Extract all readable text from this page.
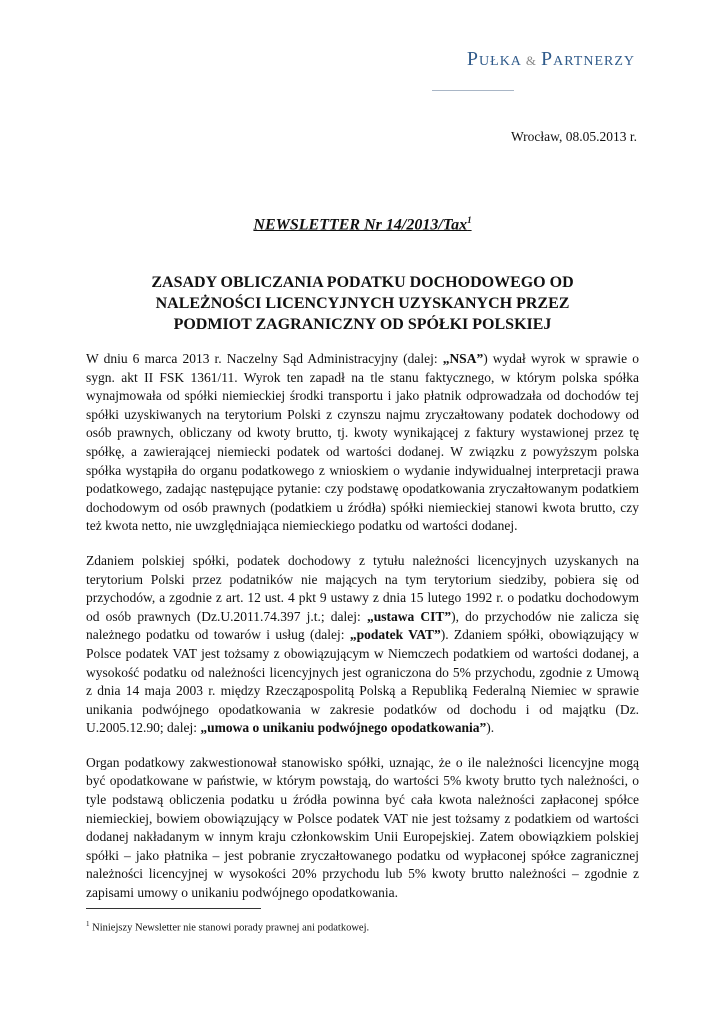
Pułka & Partnerzy
Wrocław, 08.05.2013 r.
NEWSLETTER Nr 14/2013/Tax$^1$
ZASADY OBLICZANIA PODATKU DOCHODOWEGO OD
NALEŻNOŚCI LICENCYJNYCH UZYSKANYCH PRZEZ
PODMIOT ZAGRANICZNY OD SPÓŁKI POLSKIEJ

W dniu 6 marca 2013 r. Naczelny Sąd Administracyjny (dalej: „NSA”) wydał wyrok w sprawie o sygn. akt II FSK 1361/11. Wyrok ten zapadł na tle stanu faktycznego, w którym polska spółka wynajmowała od spółki niemieckiej środki transportu i jako płatnik odprowadzała od dochodów tej spółki uzyskiwanych na terytorium Polski z czynszu najmu zryczałtowany podatek dochodowy od osób prawnych, obliczany od kwoty brutto, tj. kwoty wynikającej z faktury wystawionej przez tę spółkę, a zawierającej niemiecki podatek od wartości dodanej. W związku z powyższym polska spółka wystąpiła do organu podatkowego z wnioskiem o wydanie indywidualnej interpretacji prawa podatkowego, zadając następujące pytanie: czy podstawę opodatkowania zryczałtowanym podatkiem dochodowym od osób prawnych (podatkiem u źródła) spółki niemieckiej stanowi kwota brutto, czy też kwota netto, nie uwzględniająca niemieckiego podatku od wartości dodanej.

Zdaniem polskiej spółki, podatek dochodowy z tytułu należności licencyjnych uzyskanych na terytorium Polski przez podatników nie mających na tym terytorium siedziby, pobiera się od przychodów, a zgodnie z art. 12 ust. 4 pkt 9 ustawy z dnia 15 lutego 1992 r. o podatku dochodowym od osób prawnych (Dz.U.2011.74.397 j.t.; dalej: „ustawa CIT”), do przychodów nie zalicza się należnego podatku od towarów i usług (dalej: „podatek VAT”). Zdaniem spółki, obowiązujący w Polsce podatek VAT jest tożsamy z obowiązującym w Niemczech podatkiem od wartości dodanej, a wysokość podatku od należności licencyjnych jest ograniczona do 5% przychodu, zgodnie z Umową z dnia 14 maja 2003 r. między Rzecząpospolitą Polską a Republiką Federalną Niemiec w sprawie unikania podwójnego opodatkowania w zakresie podatków od dochodu i od majątku (Dz. U.2005.12.90; dalej: „umowa o unikaniu podwójnego opodatkowania”).

Organ podatkowy zakwestionował stanowisko spółki, uznając, że o ile należności licencyjne mogą być opodatkowane w państwie, w którym powstają, do wartości 5% kwoty brutto tych należności, o tyle podstawą obliczenia podatku u źródła powinna być cała kwota należności zapłaconej spółce niemieckiej, bowiem obowiązujący w Polsce podatek VAT nie jest tożsamy z podatkiem od wartości dodanej nakładanym w innym kraju członkowskim Unii Europejskiej. Zatem obowiązkiem polskiej spółki – jako płatnika – jest pobranie zryczałtowanego podatku od wypłaconej spółce zagranicznej należności licencyjnej w wysokości 20% przychodu lub 5% kwoty brutto należności – zgodnie z zapisami umowy o unikaniu podwójnego opodatkowania.

$^1$ Niniejszy Newsletter nie stanowi porady prawnej ani podatkowej.
